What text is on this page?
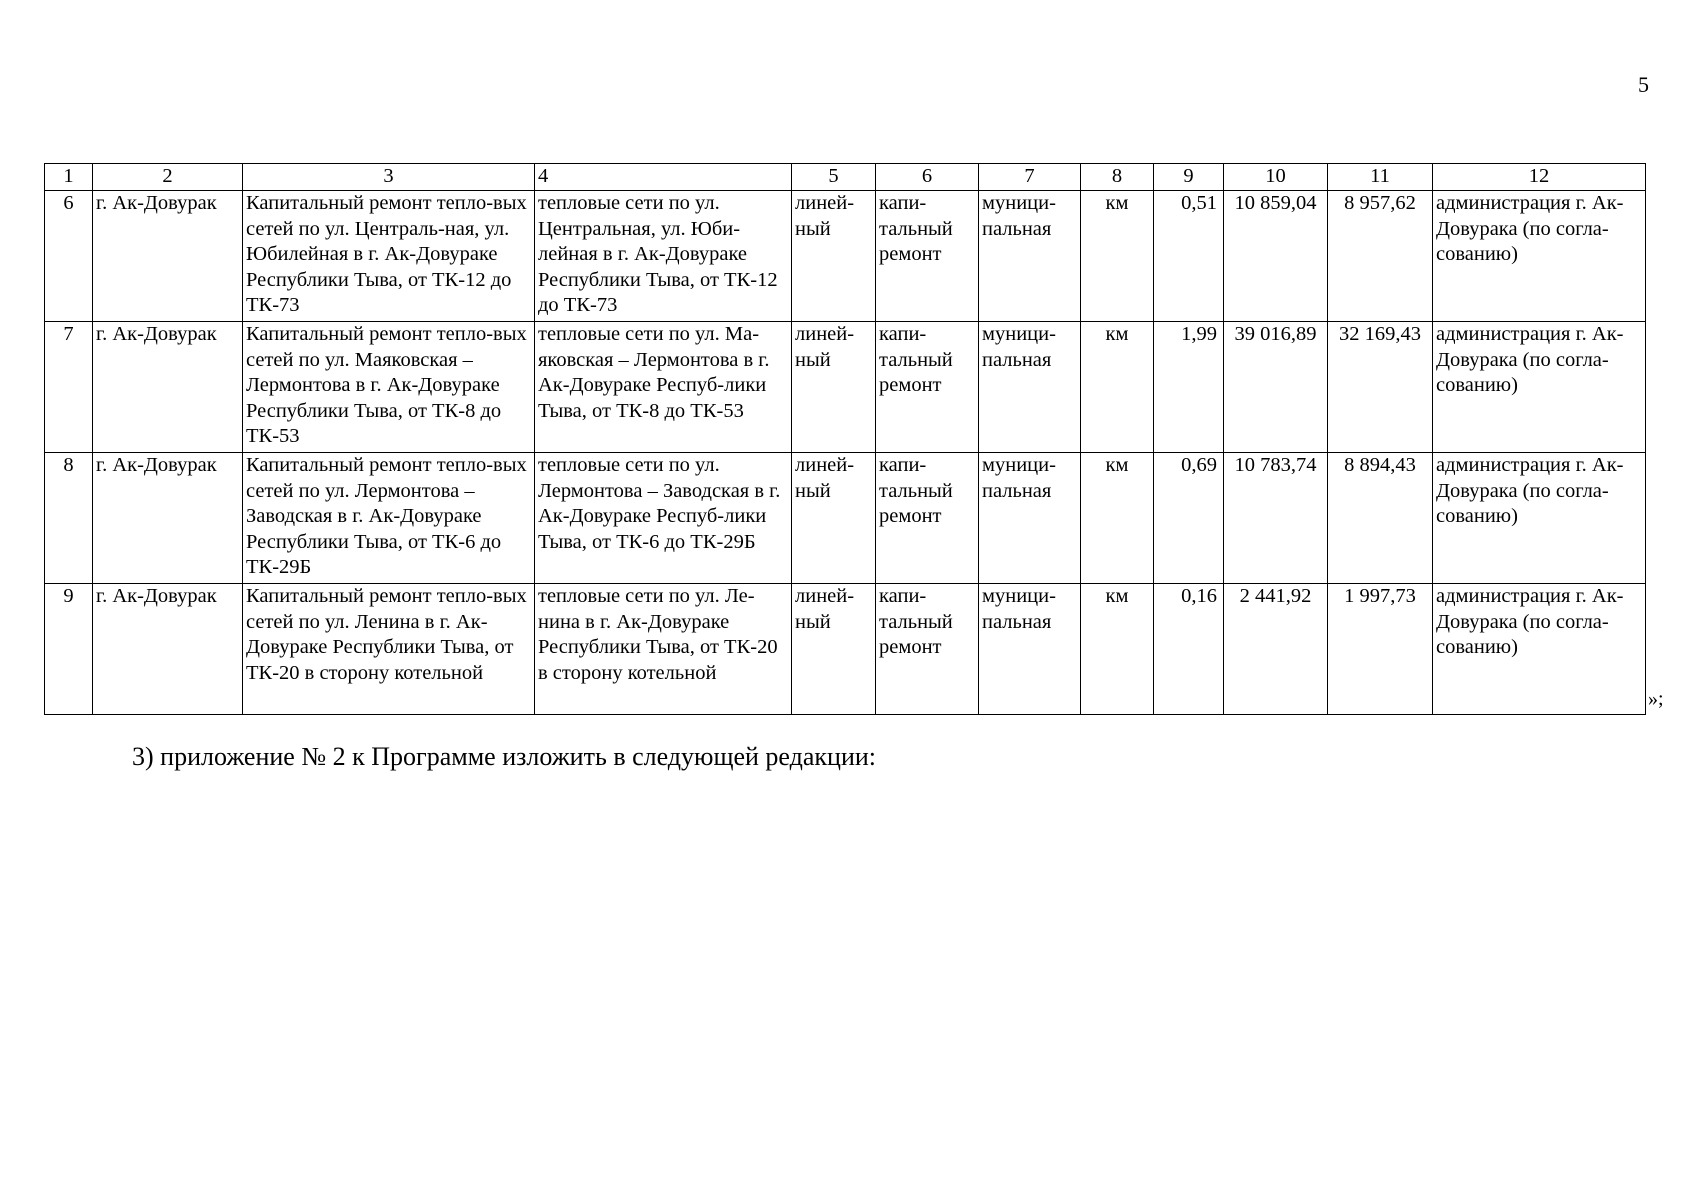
5
1	2	3	4	5	6	7	8	9	10	11	12
6	г. Ак-Довурак	Капитальный ремонт тепло-вых сетей по ул. Централь-ная, ул. Юбилейная в г. Ак-Довураке Республики Тыва, от ТК-12 до ТК-73	тепловые сети по ул. Центральная, ул. Юби-лейная в г. Ак-Довураке Республики Тыва, от ТК-12 до ТК-73	линей-ный	капи-тальный ремонт	муници-пальная	км	0,51	10 859,04	8 957,62	администрация г. Ак-Довурака (по согла-сованию)
7	г. Ак-Довурак	Капитальный ремонт тепло-вых сетей по ул. Маяковская – Лермонтова в г. Ак-Довураке Республики Тыва, от ТК-8 до ТК-53	тепловые сети по ул. Ма-яковская – Лермонтова в г. Ак-Довураке Респуб-лики Тыва, от ТК-8 до ТК-53	линей-ный	капи-тальный ремонт	муници-пальная	км	1,99	39 016,89	32 169,43	администрация г. Ак-Довурака (по согла-сованию)
8	г. Ак-Довурак	Капитальный ремонт тепло-вых сетей по ул. Лермонтова – Заводская в г. Ак-Довураке Республики Тыва, от ТК-6 до ТК-29Б	тепловые сети по ул. Лермонтова – Заводская в г. Ак-Довураке Респуб-лики Тыва, от ТК-6 до ТК-29Б	линей-ный	капи-тальный ремонт	муници-пальная	км	0,69	10 783,74	8 894,43	администрация г. Ак-Довурака (по согла-сованию)
9	г. Ак-Довурак	Капитальный ремонт тепло-вых сетей по ул. Ленина в г. Ак-Довураке Республики Тыва, от ТК-20 в сторону котельной	тепловые сети по ул. Ле-нина в г. Ак-Довураке Республики Тыва, от ТК-20 в сторону котельной	линей-ный	капи-тальный ремонт	муници-пальная	км	0,16	2 441,92	1 997,73	администрация г. Ак-Довурака (по согла-сованию)
»;
3) приложение № 2 к Программе изложить в следующей редакции:
